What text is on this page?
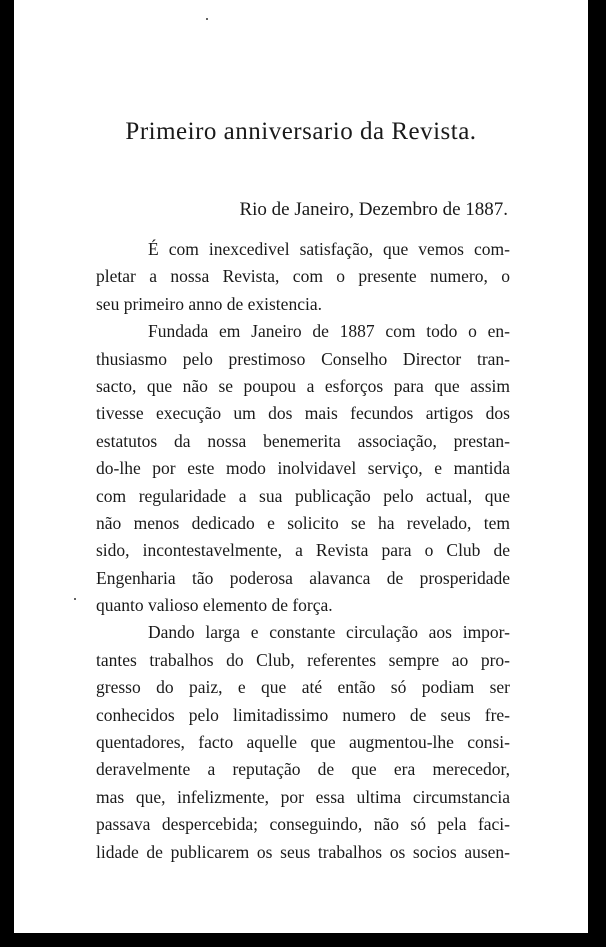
Primeiro anniversario da Revista.
Rio de Janeiro, Dezembro de 1887.
É com inexcedivel satisfação, que vemos com-
pletar a nossa Revista, com o presente numero, o
seu primeiro anno de existencia.
Fundada em Janeiro de 1887 com todo o en-
thusiasmo pelo prestimoso Conselho Director tran-
sacto, que não se poupou a esforços para que assim
tivesse execução um dos mais fecundos artigos dos
estatutos da nossa benemerita associação, prestan-
do-lhe por este modo inolvidavel serviço, e mantida
com regularidade a sua publicação pelo actual, que
não menos dedicado e solicito se ha revelado, tem
sido, incontestavelmente, a Revista para o Club de
Engenharia tão poderosa alavanca de prosperidade
quanto valioso elemento de força.
Dando larga e constante circulação aos impor-
tantes trabalhos do Club, referentes sempre ao pro-
gresso do paiz, e que até então só podiam ser
conhecidos pelo limitadissimo numero de seus fre-
quentadores, facto aquelle que augmentou-lhe consi-
deravelmente a reputação de que era merecedor,
mas que, infelizmente, por essa ultima circumstancia
passava despercebida; conseguindo, não só pela faci-
lidade de publicarem os seus trabalhos os socios ausen-
